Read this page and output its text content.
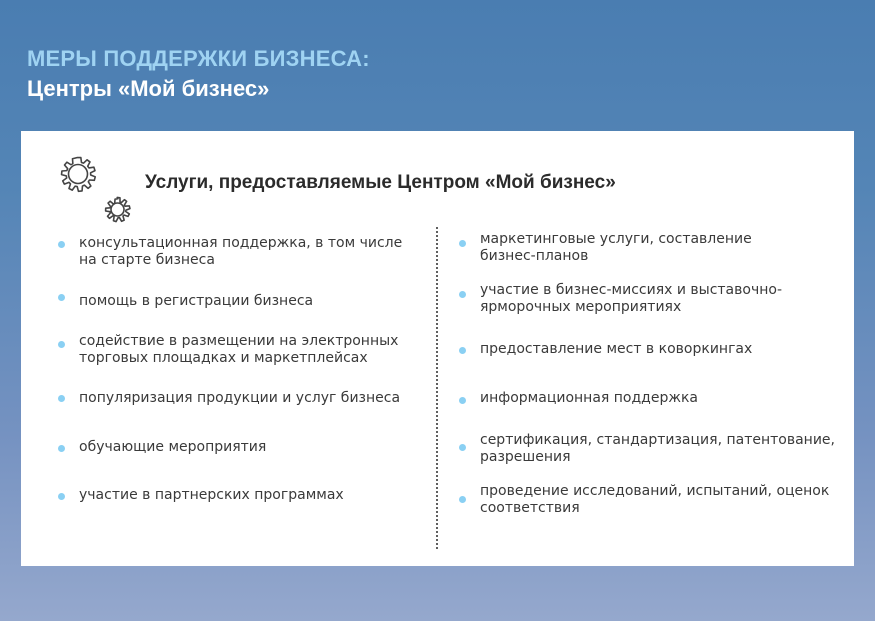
МЕРЫ ПОДДЕРЖКИ БИЗНЕСА:
Центры «Мой бизнес»
Услуги, предоставляемые Центром «Мой бизнес»
консультационная поддержка, в том числе
на старте бизнеса
помощь в регистрации бизнеса
содействие в размещении на электронных
торговых площадках и маркетплейсах
популяризация продукции и услуг бизнеса
обучающие мероприятия
участие в партнерских программах
маркетинговые услуги, составление
бизнес-планов
участие в бизнес-миссиях и выставочно-
ярморочных мероприятиях
предоставление мест в коворкингах
информационная поддержка
сертификация, стандартизация, патентование,
разрешения
проведение исследований, испытаний, оценок
соответствия
